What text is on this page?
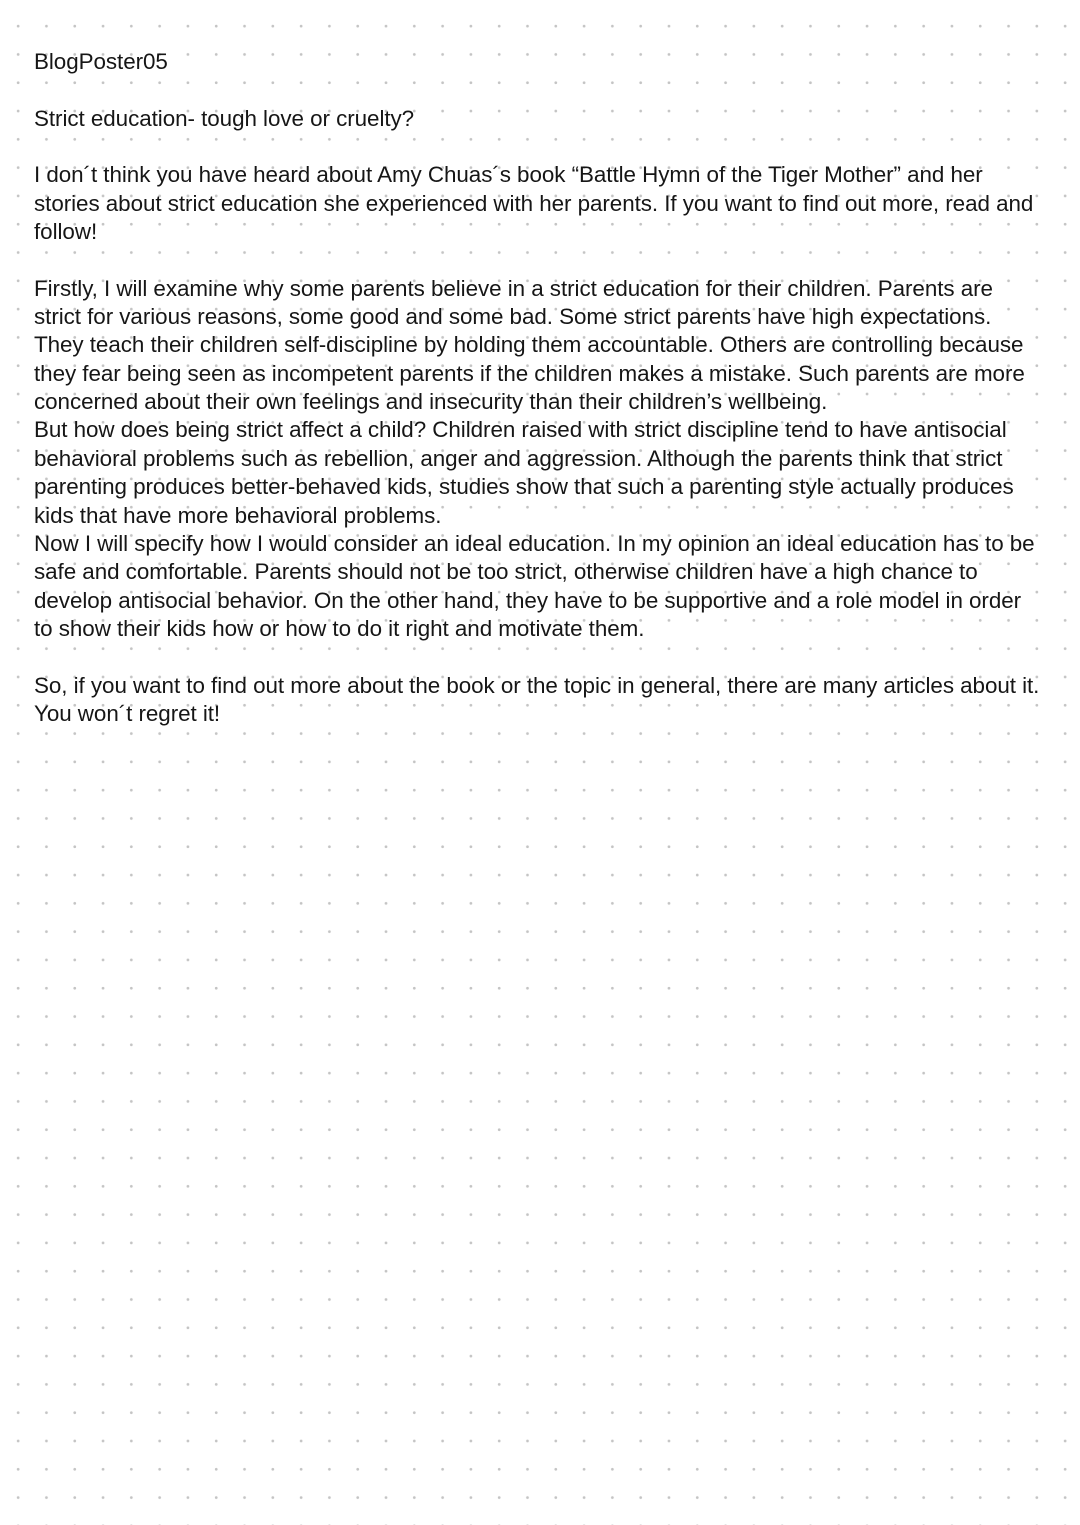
BlogPoster05

Strict education- tough love or cruelty?

I don´t think you have heard about Amy Chuas´s book “Battle Hymn of the Tiger Mother” and her stories about strict education she experienced with her parents. If you want to find out more, read and follow!

Firstly, I will examine why some parents believe in a strict education for their children. Parents are strict for various reasons, some good and some bad. Some strict parents have high expectations. They teach their children self-discipline by holding them accountable. Others are controlling because they fear being seen as incompetent parents if the children makes a mistake. Such parents are more concerned about their own feelings and insecurity than their children’s wellbeing.

But how does being strict affect a child? Children raised with strict discipline tend to have antisocial behavioral problems such as rebellion, anger and aggression. Although the parents think that strict parenting produces better-behaved kids, studies show that such a parenting style actually produces kids that have more behavioral problems.

Now I will specify how I would consider an ideal education. In my opinion an ideal education has to be safe and comfortable. Parents should not be too strict, otherwise children have a high chance to develop antisocial behavior. On the other hand, they have to be supportive and a role model in order to show their kids how or how to do it right and motivate them.

So, if you want to find out more about the book or the topic in general, there are many articles about it. You won´t regret it!
